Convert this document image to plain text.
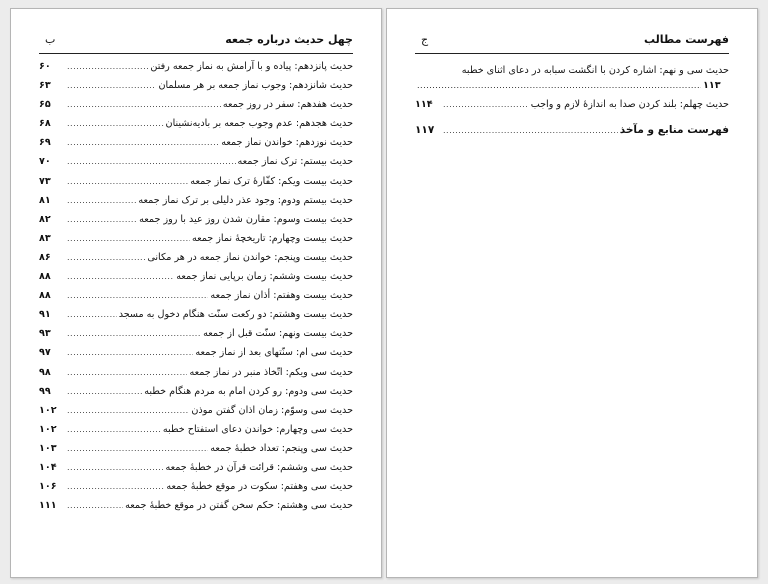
چهل حدیث درباره جمعه
ب
حدیث پانزدهم: پیاده و با آرامش به نماز جمعه رفتن
.....
۶۰
حدیث شانزدهم: وجوب نماز جمعه بر هر مسلمان
.....
۶۳
حدیث هفدهم: سفر در روز جمعه
.....
۶۵
حدیث هجدهم: عدم وجوب جمعه بر بادیه‌نشینان
.....
۶۸
حدیث نوزدهم: خواندن نماز جمعه
.....
۶۹
حدیث بیستم: ترک نماز جمعه
.....
۷۰
حدیث بیست ویکم: کفّارهٔ ترک نماز جمعه
.....
۷۳
حدیث بیستم ودوم: وجود عذر دلیلی بر ترک نماز جمعه
.....
۸۱
حدیث بیست وسوم: مقارن شدن روز عید با روز جمعه
.....
۸۲
حدیث بیست وچهارم: تاریخچهٔ نماز جمعه
.....
۸۳
حدیث بیست وپنجم: خواندن نماز جمعه در هر مکانی
.....
۸۶
حدیث بیست وششم: زمان برپایی نماز جمعه
.....
۸۸
حدیث بیست وهفتم: أذان نماز جمعه
.....
۸۸
حدیث بیست وهشتم: دو رکعت سنّت هنگام دخول به مسجد
.....
۹۱
حدیث بیست ونهم: سنّت قبل از جمعه
.....
۹۳
حدیث سی ام: سنّتهای بعد از نماز جمعه
.....
۹۷
حدیث سی ویکم: اتّخاذ منبر در نماز جمعه
.....
۹۸
حدیث سی ودوم: رو کردن امام به مردم هنگام خطبه
.....
۹۹
حدیث سی وسوّم: زمان اذان گفتن موذن
.....
۱۰۲
حدیث سی وچهارم: خواندن دعای استفتاح خطبه
.....
۱۰۲
حدیث سی وپنجم: تعداد خطبهٔ جمعه
.....
۱۰۳
حدیث سی وششم: قرائت قرآن در خطبهٔ جمعه
.....
۱۰۴
حدیث سی وهفتم: سکوت در موقع خطبهٔ جمعه
.....
۱۰۶
حدیث سی وهشتم: حکم سخن گفتن در موقع خطبهٔ جمعه
.....
۱۱۱
فهرست مطالب
ج
حدیث سی و نهم: اشاره کردن با انگشت سبابه در دعای اثنای خطبه
.....
۱۱۳
حدیث چهلم: بلند کردن صدا به اندازهٔ لازم و واجب
.....
۱۱۴
فهرست منابع و مآخذ
.....
۱۱۷
